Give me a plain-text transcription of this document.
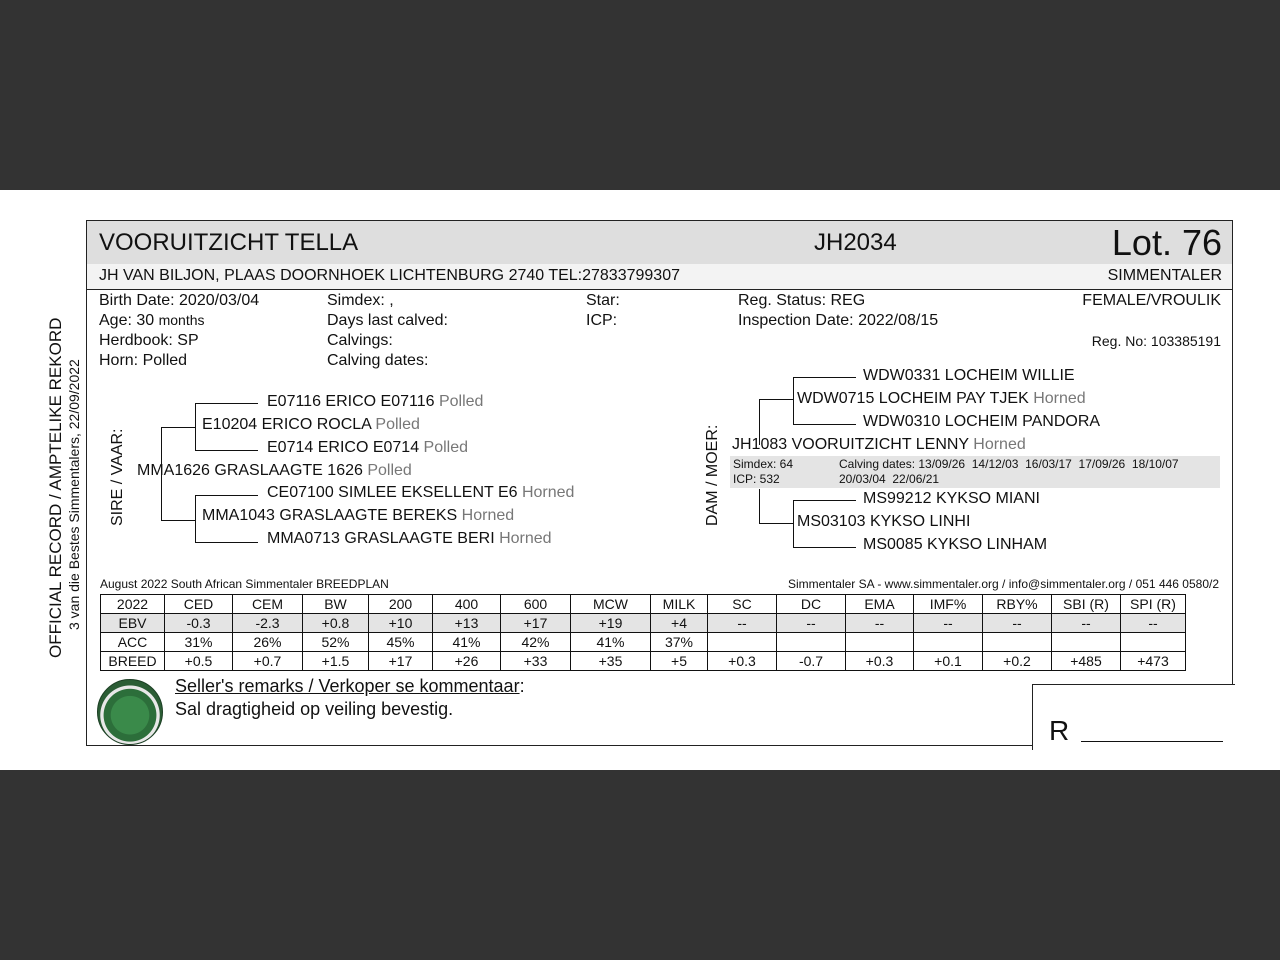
OFFICIAL RECORD / AMPTELIKE REKORD 3 van die Bestes Simmentalers, 22/09/2022
VOORUITZICHT TELLA	JH2034	Lot. 76
JH VAN BILJON, PLAAS DOORNHOEK LICHTENBURG 2740 TEL:27833799307	SIMMENTALER
Birth Date: 2020/03/04
Age: 30 months
Herdbook: SP
Horn: Polled
Simdex: ,
Days last calved:
Calvings:
Calving dates:
Star:
ICP:
Reg. Status: REG
Inspection Date: 2022/08/15
FEMALE/VROULIK
Reg. No: 103385191
SIRE / VAAR:
E07116 ERICO E07116 Polled
E10204 ERICO ROCLA Polled
E0714 ERICO E0714 Polled
MMA1626 GRASLAAGTE 1626 Polled
CE07100 SIMLEE EKSELLENT E6 Horned
MMA1043 GRASLAAGTE BEREKS Horned
MMA0713 GRASLAAGTE BERI Horned
DAM / MOER:
WDW0331 LOCHEIM WILLIE
WDW0715 LOCHEIM PAY TJEK Horned
WDW0310 LOCHEIM PANDORA
JH1083 VOORUITZICHT LENNY Horned
Simdex: 64
ICP: 532
Calving dates: 13/09/26  14/12/03  16/03/17  17/09/26  18/10/07
20/03/04  22/06/21
MS99212 KYKSO MIANI
MS03103 KYKSO LINHI
MS0085 KYKSO LINHAM
August 2022 South African Simmentaler BREEDPLAN	Simmentaler SA - www.simmentaler.org / info@simmentaler.org / 051 446 0580/2
2022	CED	CEM	BW	200	400	600	MCW	MILK	SC	DC	EMA	IMF%	RBY%	SBI (R)	SPI (R)
EBV	-0.3	-2.3	+0.8	+10	+13	+17	+19	+4	--	--	--	--	--	--	--
ACC	31%	26%	52%	45%	41%	42%	41%	37%							
BREED	+0.5	+0.7	+1.5	+17	+26	+33	+35	+5	+0.3	-0.7	+0.3	+0.1	+0.2	+485	+473
Seller's remarks / Verkoper se kommentaar:
Sal dragtigheid op veiling bevestig.
R
